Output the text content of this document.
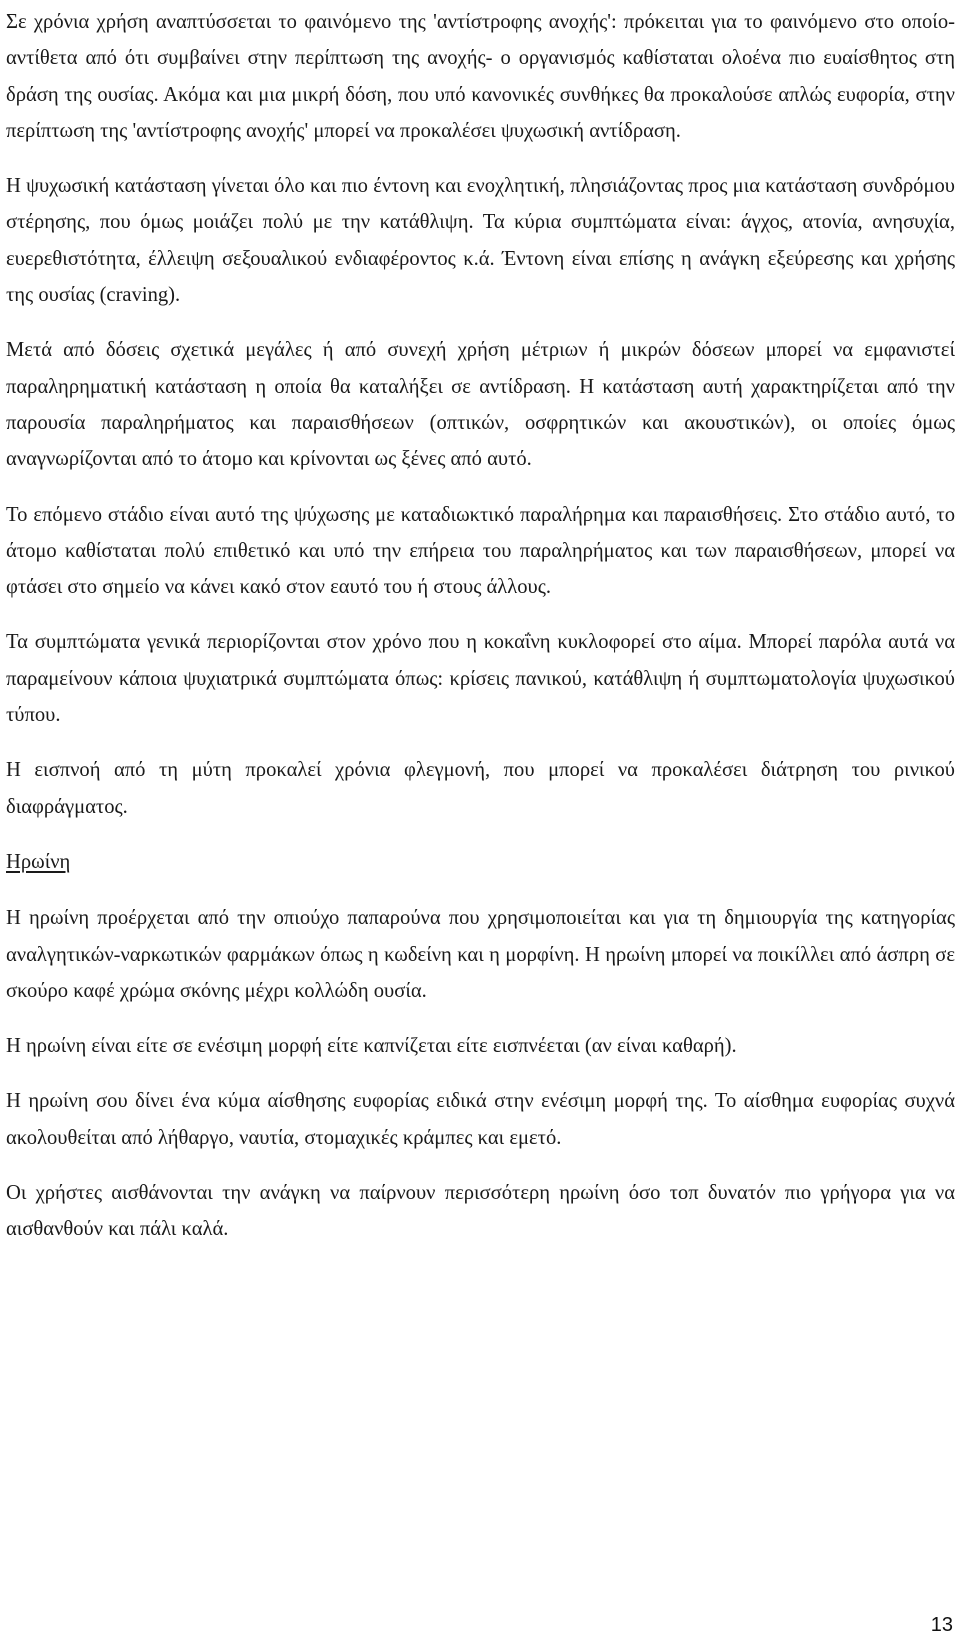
Σε χρόνια χρήση αναπτύσσεται το φαινόμενο της 'αντίστροφης ανοχής': πρόκειται για το φαινόμενο στο οποίο-αντίθετα από ότι συμβαίνει στην περίπτωση της ανοχής- ο οργανισμός καθίσταται ολοένα πιο ευαίσθητος στη δράση της ουσίας. Ακόμα και μια μικρή δόση, που υπό κανονικές συνθήκες θα προκαλούσε απλώς ευφορία, στην περίπτωση της 'αντίστροφης ανοχής' μπορεί να προκαλέσει ψυχωσική αντίδραση.

Η ψυχωσική κατάσταση γίνεται όλο και πιο έντονη και ενοχλητική, πλησιάζοντας προς μια κατάσταση συνδρόμου στέρησης, που όμως μοιάζει πολύ με την κατάθλιψη. Τα κύρια συμπτώματα είναι: άγχος, ατονία, ανησυχία, ευερεθιστότητα, έλλειψη σεξουαλικού ενδιαφέροντος κ.ά. Έντονη είναι επίσης η ανάγκη εξεύρεσης και χρήσης της ουσίας (craving).

Μετά από δόσεις σχετικά μεγάλες ή από συνεχή χρήση μέτριων ή μικρών δόσεων μπορεί να εμφανιστεί παραληρηματική κατάσταση η οποία θα καταλήξει σε αντίδραση. Η κατάσταση αυτή χαρακτηρίζεται από την παρουσία παραληρήματος και παραισθήσεων (οπτικών, οσφρητικών και ακουστικών), οι οποίες όμως αναγνωρίζονται από το άτομο και κρίνονται ως ξένες από αυτό.

Το επόμενο στάδιο είναι αυτό της ψύχωσης με καταδιωκτικό παραλήρημα και παραισθήσεις. Στο στάδιο αυτό, το άτομο καθίσταται πολύ επιθετικό και υπό την επήρεια του παραληρήματος και των παραισθήσεων, μπορεί να φτάσει στο σημείο να κάνει κακό στον εαυτό του ή στους άλλους.

Τα συμπτώματα γενικά περιορίζονται στον χρόνο που η κοκαΐνη κυκλοφορεί στο αίμα. Μπορεί παρόλα αυτά να παραμείνουν κάποια ψυχιατρικά συμπτώματα όπως: κρίσεις πανικού, κατάθλιψη ή συμπτωματολογία ψυχωσικού τύπου.

Η εισπνοή από τη μύτη προκαλεί χρόνια φλεγμονή, που μπορεί να προκαλέσει διάτρηση του ρινικού διαφράγματος.

Ηρωίνη

Η ηρωίνη προέρχεται από την οπιούχο παπαρούνα που χρησιμοποιείται και για τη δημιουργία της κατηγορίας αναλγητικών-ναρκωτικών φαρμάκων όπως η κωδείνη και η μορφίνη. Η ηρωίνη μπορεί να ποικίλλει από άσπρη σε σκούρο καφέ χρώμα σκόνης μέχρι κολλώδη ουσία.

Η ηρωίνη είναι είτε σε ενέσιμη μορφή είτε καπνίζεται είτε εισπνέεται (αν είναι καθαρή).

Η ηρωίνη σου δίνει ένα κύμα αίσθησης ευφορίας ειδικά στην ενέσιμη μορφή της. Το αίσθημα ευφορίας συχνά ακολουθείται από λήθαργο, ναυτία, στομαχικές κράμπες και εμετό.

Οι χρήστες αισθάνονται την ανάγκη να παίρνουν περισσότερη ηρωίνη όσο τοπ δυνατόν πιο γρήγορα για να αισθανθούν και πάλι καλά.

13
